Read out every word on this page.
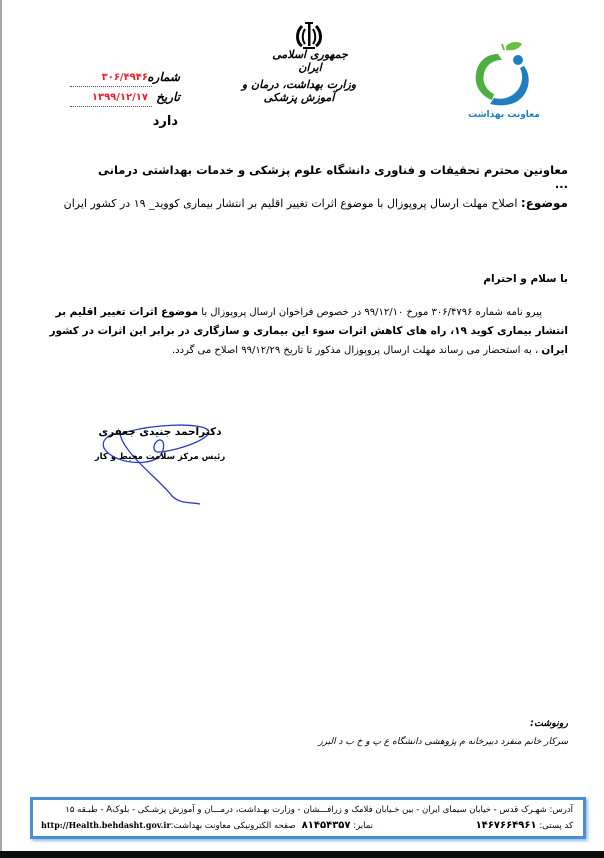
معاونت بهداشت
جمهوری اسلامی ایران
وزارت بهداشت، درمان و آموزش پزشکی
شماره
۳۰۶/۴۹۴۶
تاریخ
۱۳۹۹/۱۲/۱۷
دارد
معاونین محترم تحقیقات و فناوری دانشگاه علوم پزشکی و خدمات بهداشتی درمانی ...
موضوع: اصلاح مهلت ارسال پروپوزال با موضوع اثرات تغییر اقلیم بر انتشار بیماری کووید_ ۱۹ در کشور ایران
با سلام و احترام
پیرو نامه شماره ۳۰۶/۴۷۹۶ مورخ ۹۹/۱۲/۱۰ در خصوص فراخوان ارسال پروپوزال با موضوع اثرات تغییر اقلیم بر انتشار بیماری کوید ۱۹، راه های کاهش اثرات سوء این بیماری و سازگاری در برابر این اثرات در کشور ایران ، به استحضار می رساند مهلت ارسال پروپوزال مذکور تا تاریخ ۹۹/۱۲/۲۹ اصلاح می گردد.
دکتراحمد جنیدی جعفری
رئیس مرکز سلامت محیط و کار
رونوشت:
سرکار خانم منفرد دبیرخانه م پژوهشی دانشگاه ع پ و خ ب د البرز
آدرس: شهـرک قدس - خیابان سیمای ایران - بین خـیابان فلامک و زرافـــشان - وزارت بهـداشت، درمـــان و آموزش پزشـکی - بلوکA - طبـقه ۱۵
کد پستی: ۱۴۶۷۶۶۴۹۶۱
نمابر: ۸۱۴۵۴۳۵۷
صفحه الکترونیکی معاونت بهداشت:http://Health.behdasht.gov.ir
